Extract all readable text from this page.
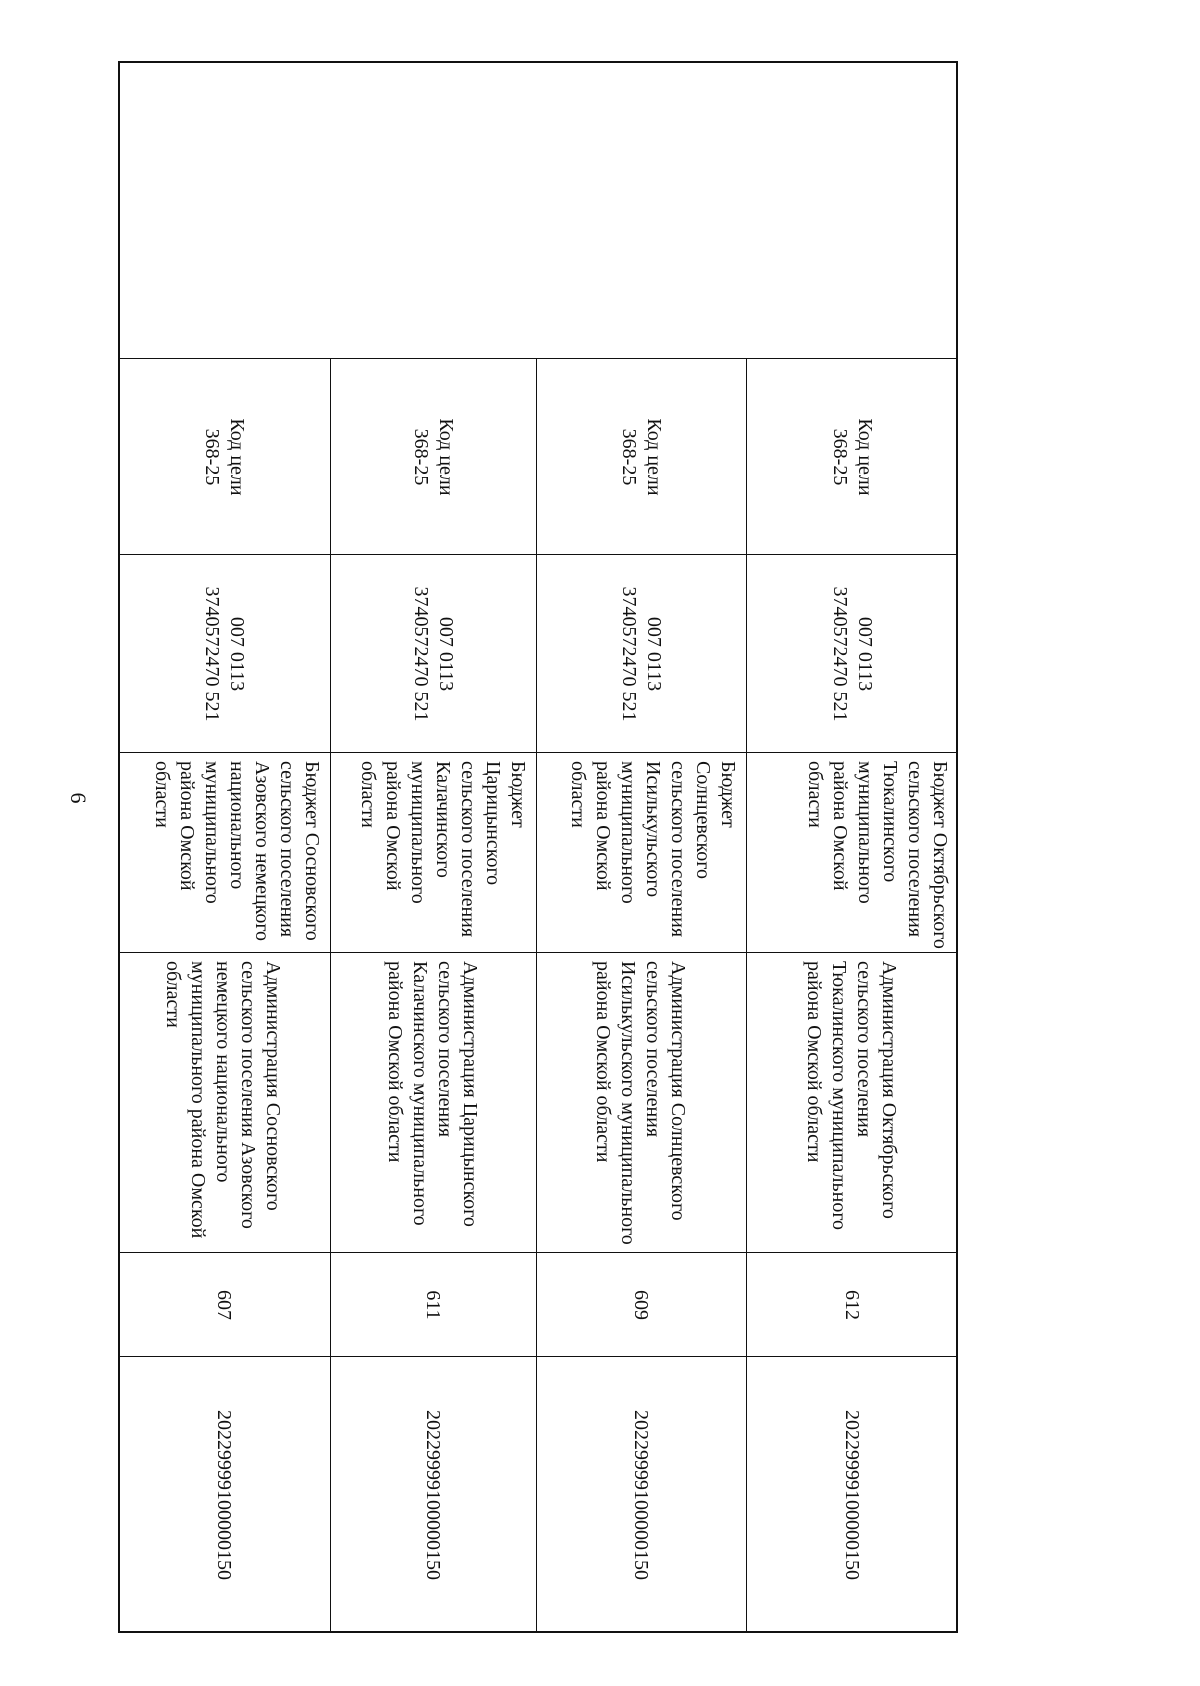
6
Код цели
368-25
007 0113
3740572470 521
Бюджет Октябрьского сельского поселения Тюкалинского муниципального района Омской области
Администрация Октябрьского сельского поселения Тюкалинского муниципального района Омской области
612
20229999100000150
Код цели
368-25
007 0113
3740572470 521
Бюджет Солнцевского сельского поселения Исилькульского муниципального района Омской области
Администрация Солнцевского сельского поселения Исилькульского муниципального района Омской области
609
20229999100000150
Код цели
368-25
007 0113
3740572470 521
Бюджет Царицынского сельского поселения Калачинского муниципального района Омской области
Администрация Царицынского сельского поселения Калачинского муниципального района Омской области
611
20229999100000150
Код цели
368-25
007 0113
3740572470 521
Бюджет Сосновского сельского поселения Азовского немецкого национального муниципального района Омской области
Администрация Сосновского сельского поселения Азовского немецкого национального муниципального района Омской области
607
20229999100000150
